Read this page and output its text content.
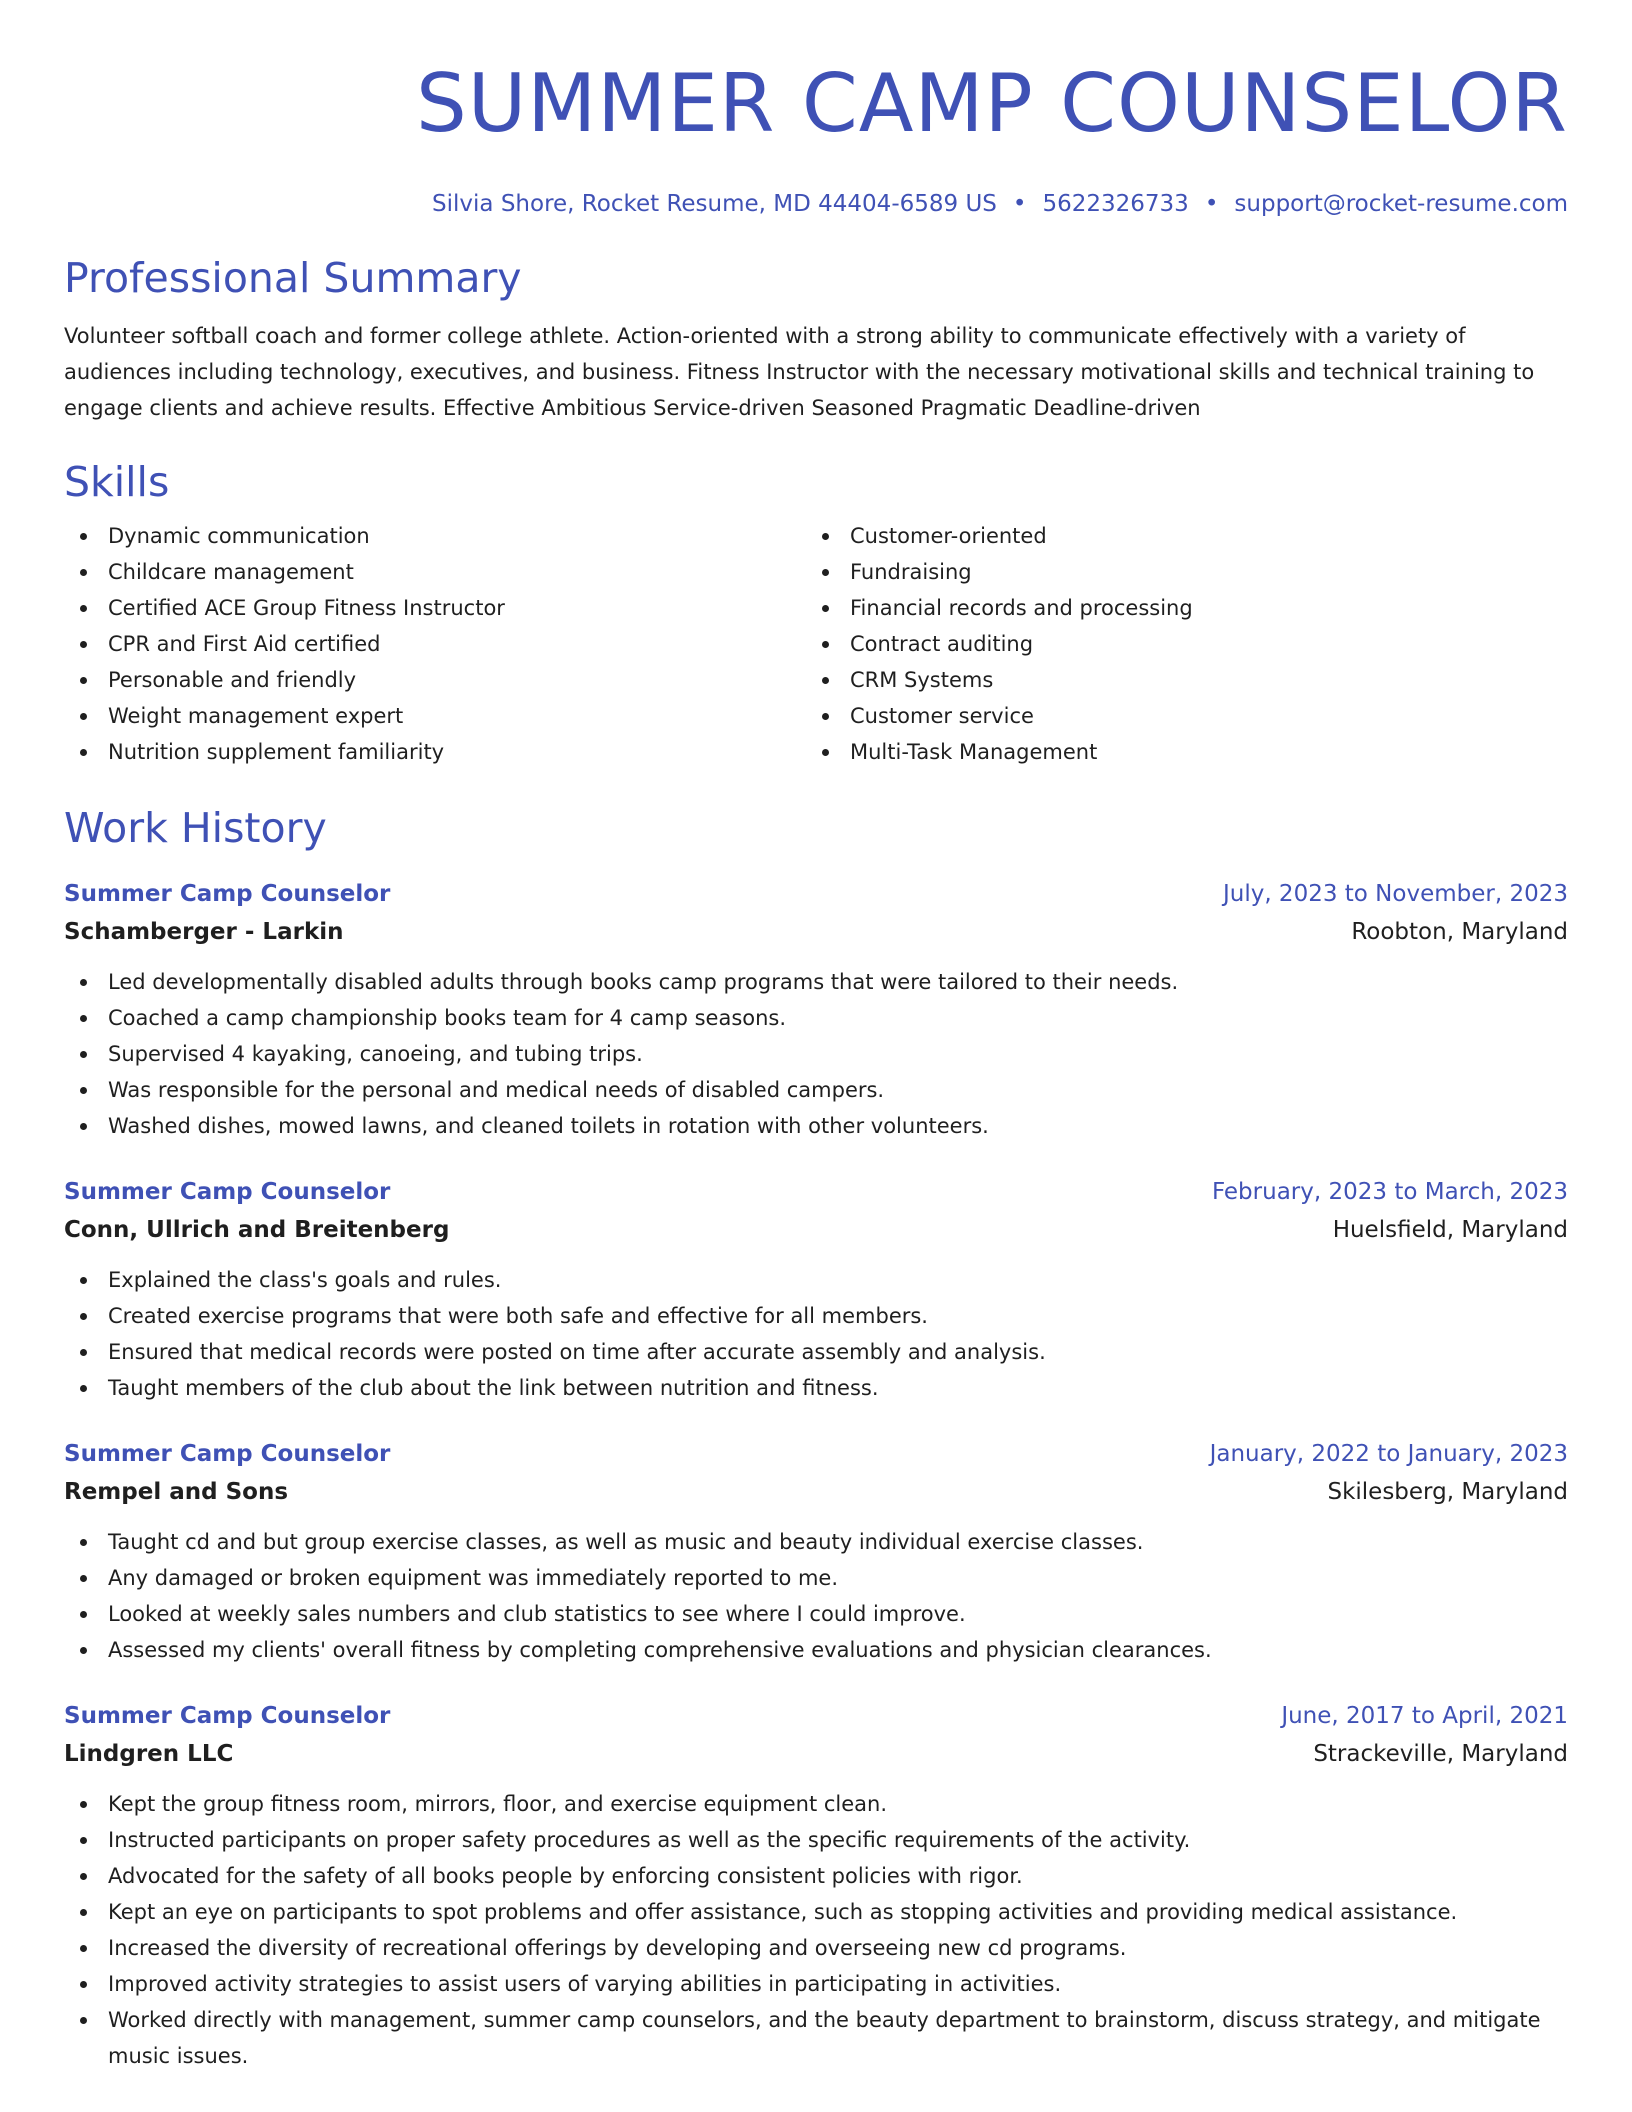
SUMMER CAMP COUNSELOR
Silvia Shore, Rocket Resume, MD 44404-6589 US • 5622326733 • support@rocket-resume.com
Professional Summary

Volunteer softball coach and former college athlete. Action-oriented with a strong ability to communicate effectively with a variety of audiences including technology, executives, and business. Fitness Instructor with the necessary motivational skills and technical training to engage clients and achieve results. Effective Ambitious Service-driven Seasoned Pragmatic Deadline-driven

Skills
Dynamic communication
Childcare management
Certified ACE Group Fitness Instructor
CPR and First Aid certified
Personable and friendly
Weight management expert
Nutrition supplement familiarity
Customer-oriented
Fundraising
Financial records and processing
Contract auditing
CRM Systems
Customer service
Multi-Task Management
Work History
Summer Camp Counselor	July, 2023 to November, 2023
Schamberger - Larkin	Roobton, Maryland
Led developmentally disabled adults through books camp programs that were tailored to their needs.
Coached a camp championship books team for 4 camp seasons.
Supervised 4 kayaking, canoeing, and tubing trips.
Was responsible for the personal and medical needs of disabled campers.
Washed dishes, mowed lawns, and cleaned toilets in rotation with other volunteers.
Summer Camp Counselor	February, 2023 to March, 2023
Conn, Ullrich and Breitenberg	Huelsfield, Maryland
Explained the class's goals and rules.
Created exercise programs that were both safe and effective for all members.
Ensured that medical records were posted on time after accurate assembly and analysis.
Taught members of the club about the link between nutrition and fitness.
Summer Camp Counselor	January, 2022 to January, 2023
Rempel and Sons	Skilesberg, Maryland
Taught cd and but group exercise classes, as well as music and beauty individual exercise classes.
Any damaged or broken equipment was immediately reported to me.
Looked at weekly sales numbers and club statistics to see where I could improve.
Assessed my clients' overall fitness by completing comprehensive evaluations and physician clearances.
Summer Camp Counselor	June, 2017 to April, 2021
Lindgren LLC	Strackeville, Maryland
Kept the group fitness room, mirrors, floor, and exercise equipment clean.
Instructed participants on proper safety procedures as well as the specific requirements of the activity.
Advocated for the safety of all books people by enforcing consistent policies with rigor.
Kept an eye on participants to spot problems and offer assistance, such as stopping activities and providing medical assistance.
Increased the diversity of recreational offerings by developing and overseeing new cd programs.
Improved activity strategies to assist users of varying abilities in participating in activities.
Worked directly with management, summer camp counselors, and the beauty department to brainstorm, discuss strategy, and mitigate music issues.
